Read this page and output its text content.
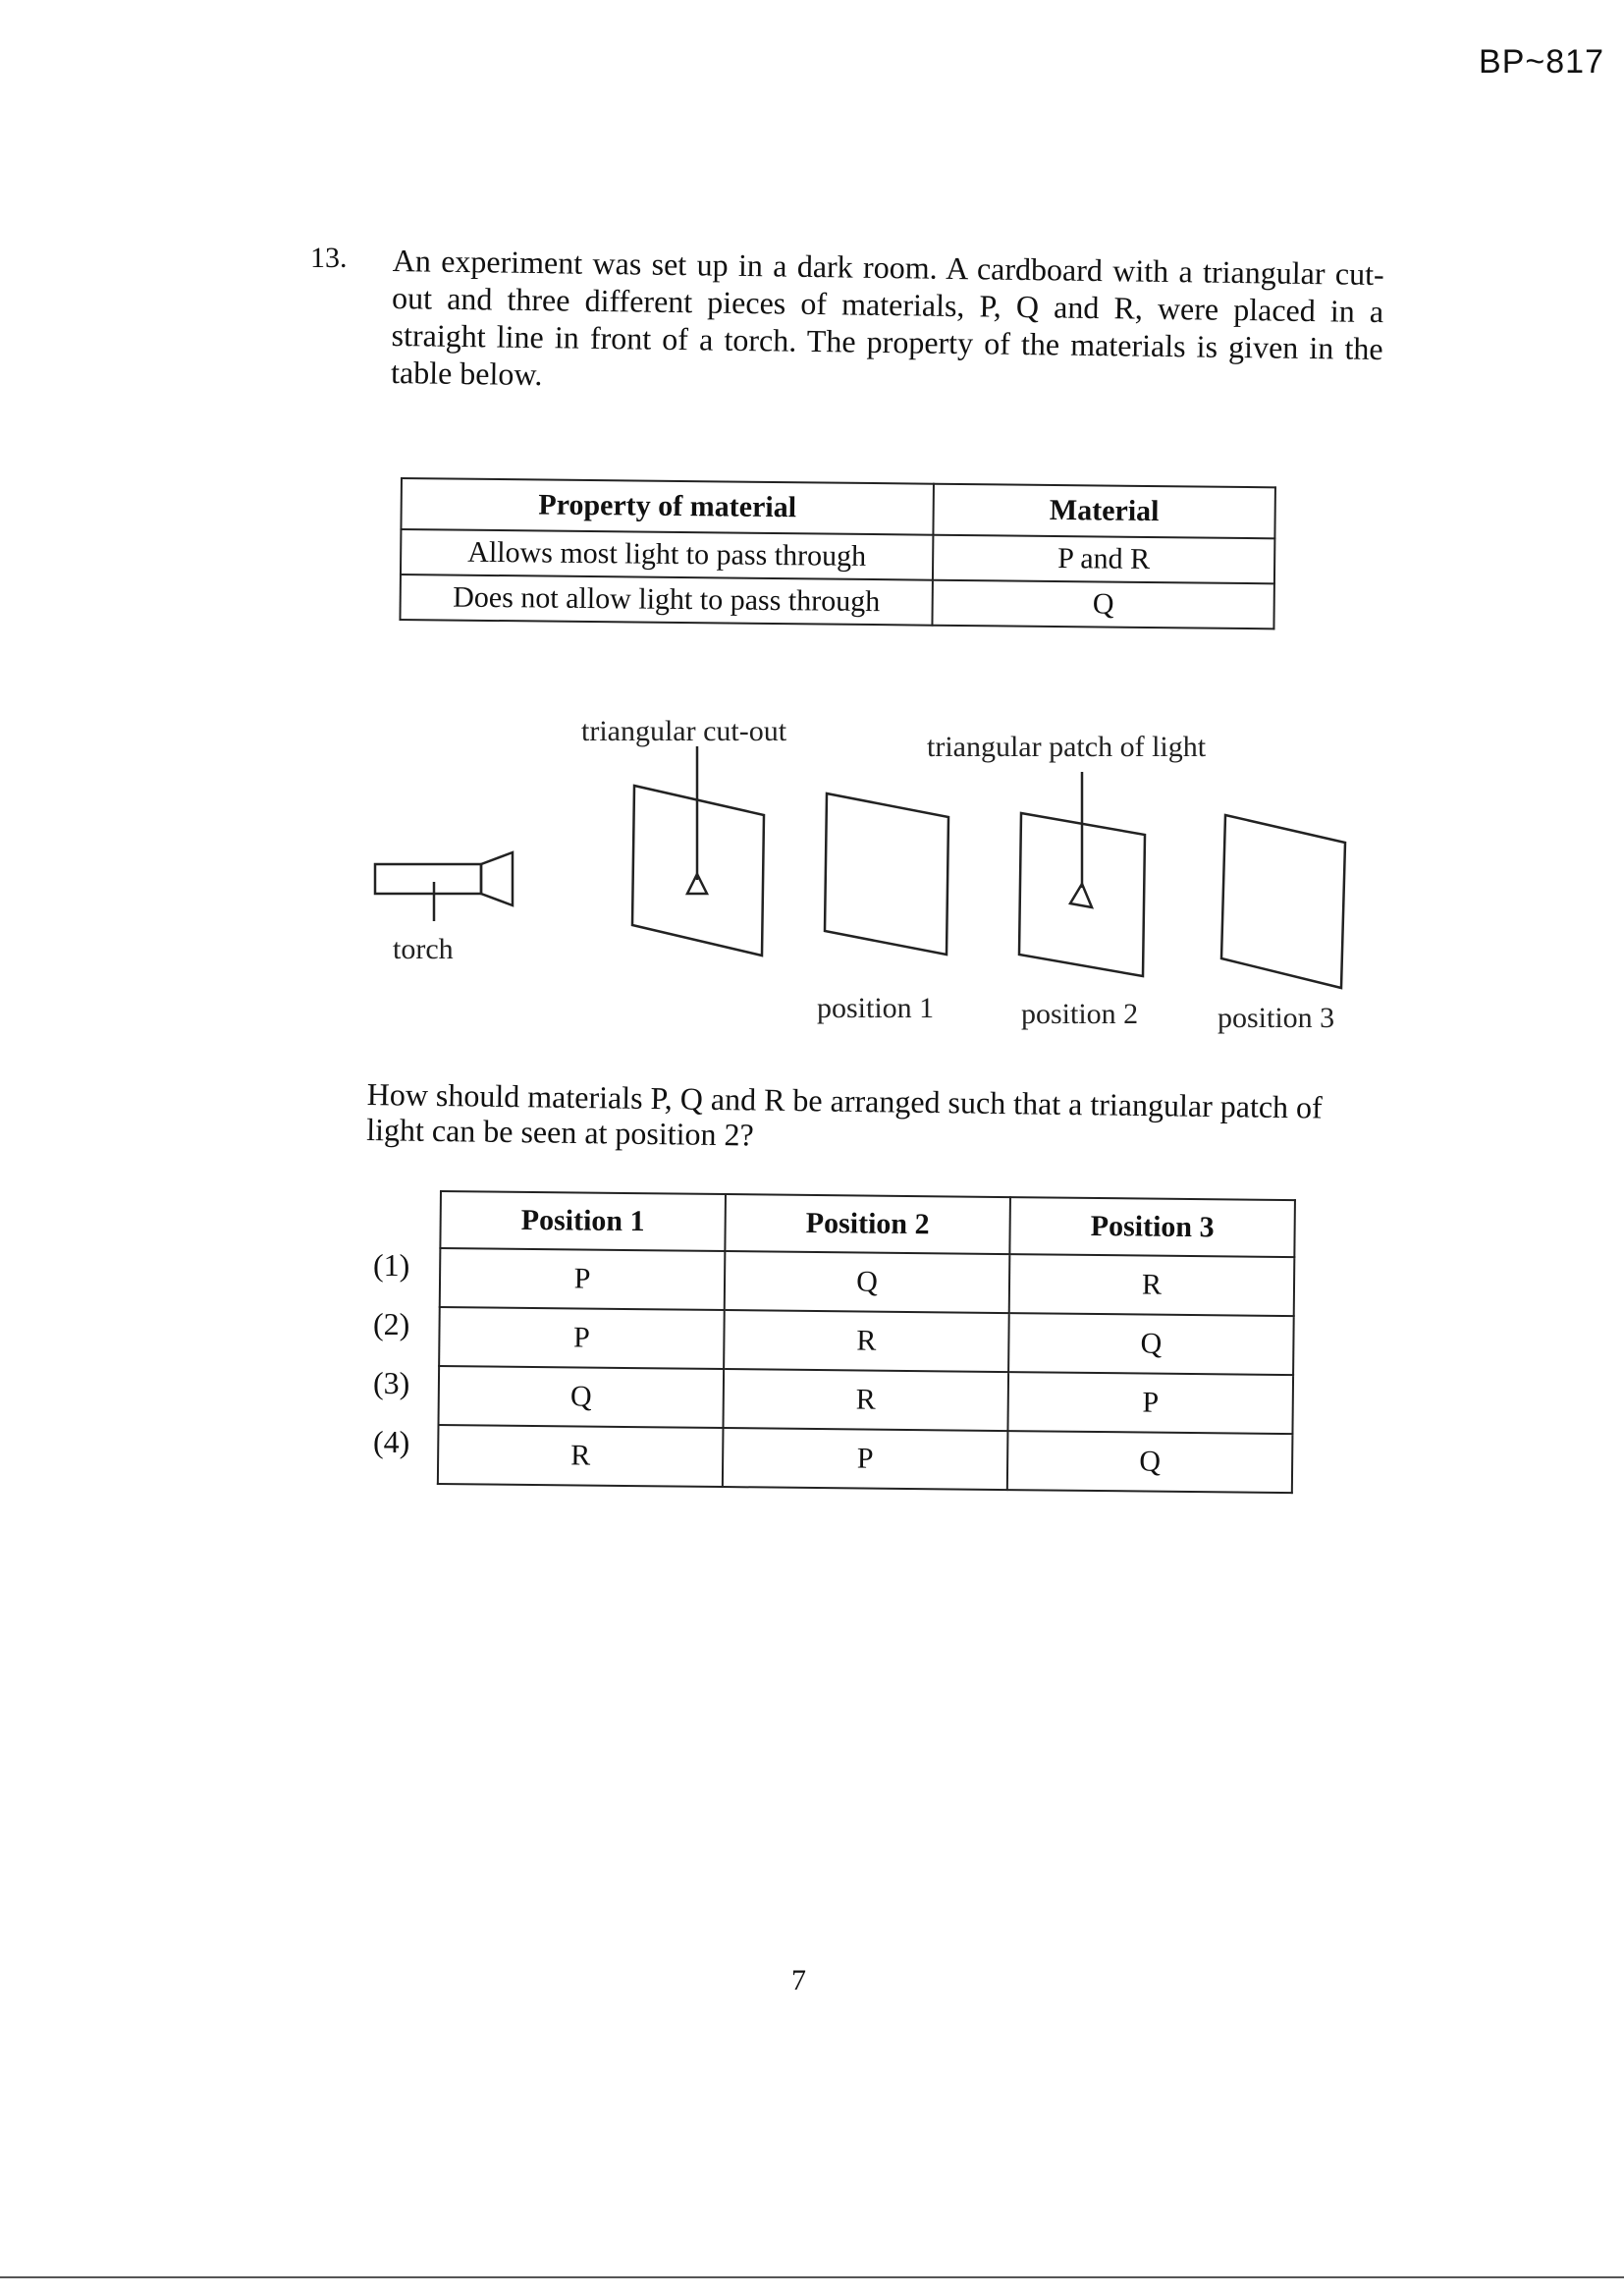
BP~817
13. An experiment was set up in a dark room. A cardboard with a triangular cut-out and three different pieces of materials, P, Q and R, were placed in a straight line in front of a torch. The property of the materials is given in the table below.
Property of material	Material
Allows most light to pass through	P and R
Does not allow light to pass through	Q
torch
triangular cut-out
position 1
triangular patch of light
position 2	position 3
How should materials P, Q and R be arranged such that a triangular patch of light can be seen at position 2?
(1)
(2)
(3)
(4)
Position 1	Position 2	Position 3
P	Q	R
P	R	Q
Q	R	P
R	P	Q
7
